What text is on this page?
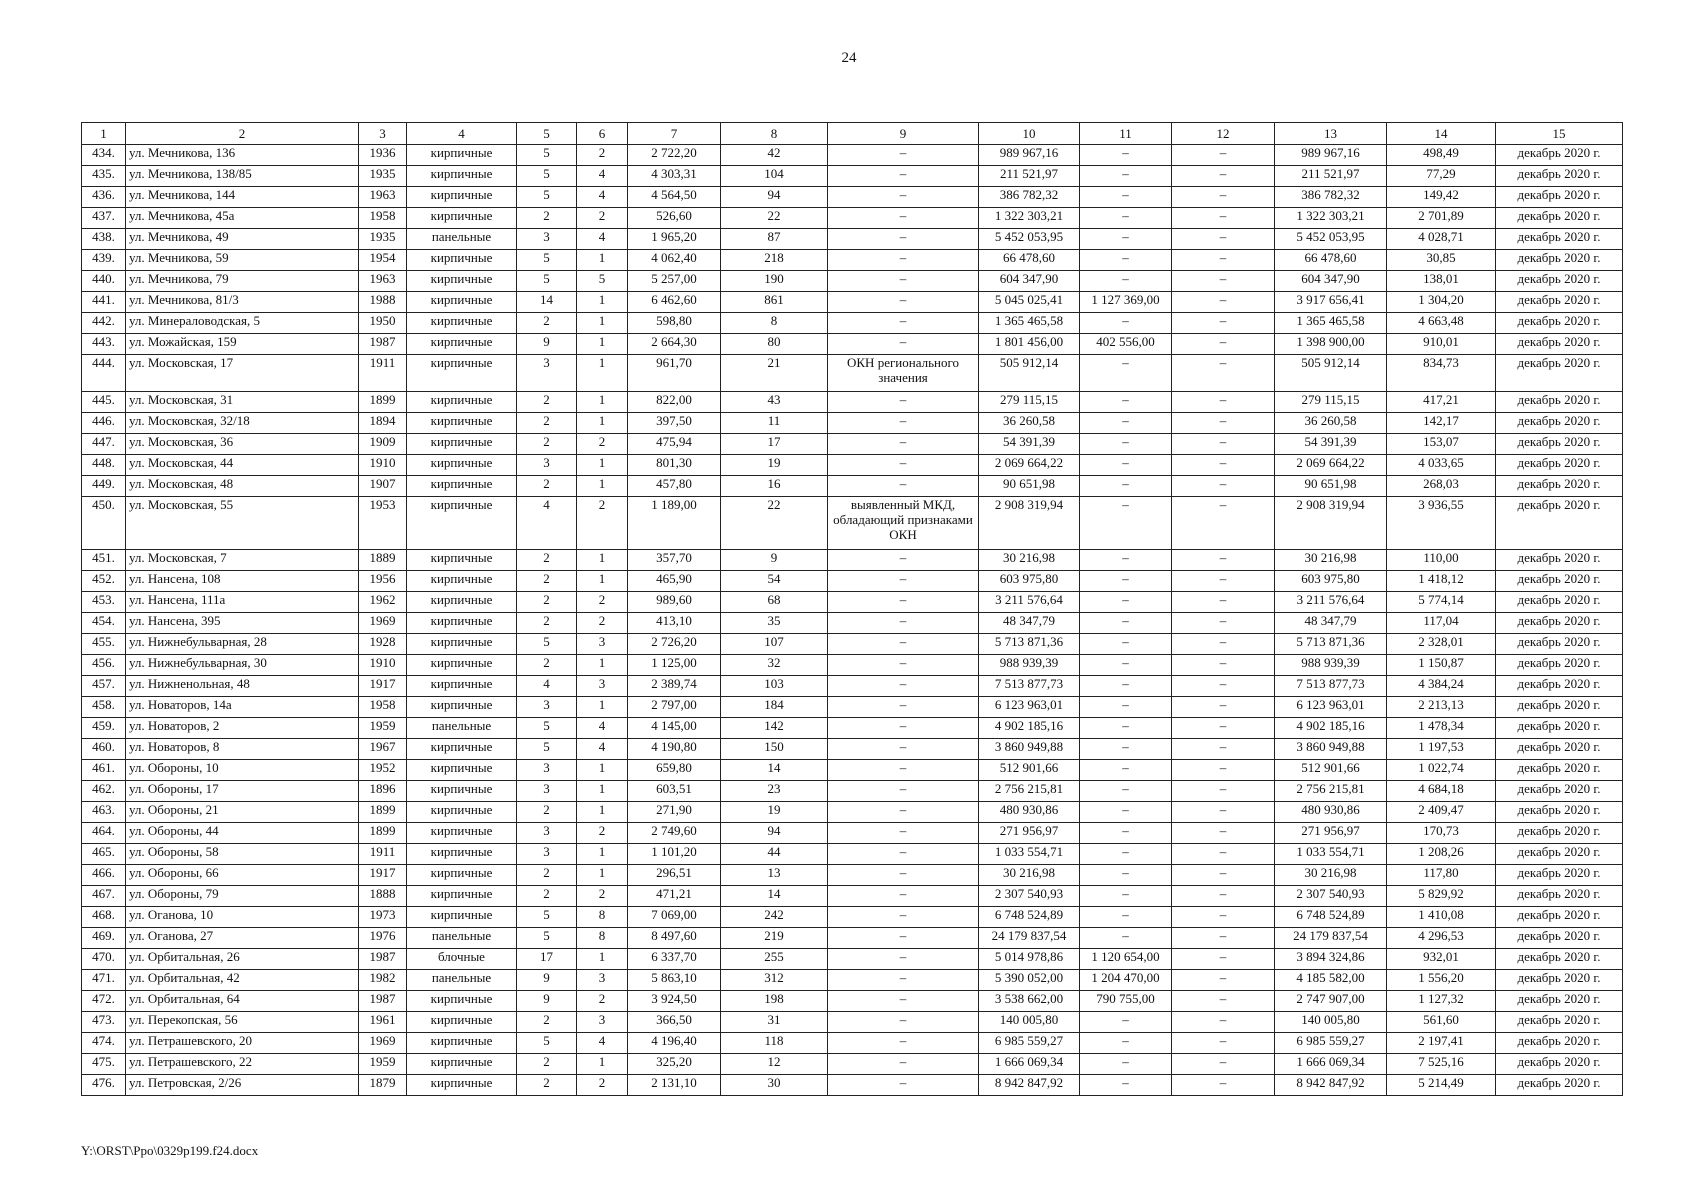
24
1	2	3	4	5	6	7	8	9	10	11	12	13	14	15
434.	ул. Мечникова, 136	1936	кирпичные	5	2	2 722,20	42	–	989 967,16	–	–	989 967,16	498,49	декабрь 2020 г.
435.	ул. Мечникова, 138/85	1935	кирпичные	5	4	4 303,31	104	–	211 521,97	–	–	211 521,97	77,29	декабрь 2020 г.
436.	ул. Мечникова, 144	1963	кирпичные	5	4	4 564,50	94	–	386 782,32	–	–	386 782,32	149,42	декабрь 2020 г.
437.	ул. Мечникова, 45а	1958	кирпичные	2	2	526,60	22	–	1 322 303,21	–	–	1 322 303,21	2 701,89	декабрь 2020 г.
438.	ул. Мечникова, 49	1935	панельные	3	4	1 965,20	87	–	5 452 053,95	–	–	5 452 053,95	4 028,71	декабрь 2020 г.
439.	ул. Мечникова, 59	1954	кирпичные	5	1	4 062,40	218	–	66 478,60	–	–	66 478,60	30,85	декабрь 2020 г.
440.	ул. Мечникова, 79	1963	кирпичные	5	5	5 257,00	190	–	604 347,90	–	–	604 347,90	138,01	декабрь 2020 г.
441.	ул. Мечникова, 81/3	1988	кирпичные	14	1	6 462,60	861	–	5 045 025,41	1 127 369,00	–	3 917 656,41	1 304,20	декабрь 2020 г.
442.	ул. Минераловодская, 5	1950	кирпичные	2	1	598,80	8	–	1 365 465,58	–	–	1 365 465,58	4 663,48	декабрь 2020 г.
443.	ул. Можайская, 159	1987	кирпичные	9	1	2 664,30	80	–	1 801 456,00	402 556,00	–	1 398 900,00	910,01	декабрь 2020 г.
444.	ул. Московская, 17	1911	кирпичные	3	1	961,70	21	ОКН регионального значения	505 912,14	–	–	505 912,14	834,73	декабрь 2020 г.
445.	ул. Московская, 31	1899	кирпичные	2	1	822,00	43	–	279 115,15	–	–	279 115,15	417,21	декабрь 2020 г.
446.	ул. Московская, 32/18	1894	кирпичные	2	1	397,50	11	–	36 260,58	–	–	36 260,58	142,17	декабрь 2020 г.
447.	ул. Московская, 36	1909	кирпичные	2	2	475,94	17	–	54 391,39	–	–	54 391,39	153,07	декабрь 2020 г.
448.	ул. Московская, 44	1910	кирпичные	3	1	801,30	19	–	2 069 664,22	–	–	2 069 664,22	4 033,65	декабрь 2020 г.
449.	ул. Московская, 48	1907	кирпичные	2	1	457,80	16	–	90 651,98	–	–	90 651,98	268,03	декабрь 2020 г.
450.	ул. Московская, 55	1953	кирпичные	4	2	1 189,00	22	выявленный МКД, обладающий признаками ОКН	2 908 319,94	–	–	2 908 319,94	3 936,55	декабрь 2020 г.
451.	ул. Московская, 7	1889	кирпичные	2	1	357,70	9	–	30 216,98	–	–	30 216,98	110,00	декабрь 2020 г.
452.	ул. Нансена, 108	1956	кирпичные	2	1	465,90	54	–	603 975,80	–	–	603 975,80	1 418,12	декабрь 2020 г.
453.	ул. Нансена, 111а	1962	кирпичные	2	2	989,60	68	–	3 211 576,64	–	–	3 211 576,64	5 774,14	декабрь 2020 г.
454.	ул. Нансена, 395	1969	кирпичные	2	2	413,10	35	–	48 347,79	–	–	48 347,79	117,04	декабрь 2020 г.
455.	ул. Нижнебульварная, 28	1928	кирпичные	5	3	2 726,20	107	–	5 713 871,36	–	–	5 713 871,36	2 328,01	декабрь 2020 г.
456.	ул. Нижнебульварная, 30	1910	кирпичные	2	1	1 125,00	32	–	988 939,39	–	–	988 939,39	1 150,87	декабрь 2020 г.
457.	ул. Нижненольная, 48	1917	кирпичные	4	3	2 389,74	103	–	7 513 877,73	–	–	7 513 877,73	4 384,24	декабрь 2020 г.
458.	ул. Новаторов, 14а	1958	кирпичные	3	1	2 797,00	184	–	6 123 963,01	–	–	6 123 963,01	2 213,13	декабрь 2020 г.
459.	ул. Новаторов, 2	1959	панельные	5	4	4 145,00	142	–	4 902 185,16	–	–	4 902 185,16	1 478,34	декабрь 2020 г.
460.	ул. Новаторов, 8	1967	кирпичные	5	4	4 190,80	150	–	3 860 949,88	–	–	3 860 949,88	1 197,53	декабрь 2020 г.
461.	ул. Обороны, 10	1952	кирпичные	3	1	659,80	14	–	512 901,66	–	–	512 901,66	1 022,74	декабрь 2020 г.
462.	ул. Обороны, 17	1896	кирпичные	3	1	603,51	23	–	2 756 215,81	–	–	2 756 215,81	4 684,18	декабрь 2020 г.
463.	ул. Обороны, 21	1899	кирпичные	2	1	271,90	19	–	480 930,86	–	–	480 930,86	2 409,47	декабрь 2020 г.
464.	ул. Обороны, 44	1899	кирпичные	3	2	2 749,60	94	–	271 956,97	–	–	271 956,97	170,73	декабрь 2020 г.
465.	ул. Обороны, 58	1911	кирпичные	3	1	1 101,20	44	–	1 033 554,71	–	–	1 033 554,71	1 208,26	декабрь 2020 г.
466.	ул. Обороны, 66	1917	кирпичные	2	1	296,51	13	–	30 216,98	–	–	30 216,98	117,80	декабрь 2020 г.
467.	ул. Обороны, 79	1888	кирпичные	2	2	471,21	14	–	2 307 540,93	–	–	2 307 540,93	5 829,92	декабрь 2020 г.
468.	ул. Оганова, 10	1973	кирпичные	5	8	7 069,00	242	–	6 748 524,89	–	–	6 748 524,89	1 410,08	декабрь 2020 г.
469.	ул. Оганова, 27	1976	панельные	5	8	8 497,60	219	–	24 179 837,54	–	–	24 179 837,54	4 296,53	декабрь 2020 г.
470.	ул. Орбитальная, 26	1987	блочные	17	1	6 337,70	255	–	5 014 978,86	1 120 654,00	–	3 894 324,86	932,01	декабрь 2020 г.
471.	ул. Орбитальная, 42	1982	панельные	9	3	5 863,10	312	–	5 390 052,00	1 204 470,00	–	4 185 582,00	1 556,20	декабрь 2020 г.
472.	ул. Орбитальная, 64	1987	кирпичные	9	2	3 924,50	198	–	3 538 662,00	790 755,00	–	2 747 907,00	1 127,32	декабрь 2020 г.
473.	ул. Перекопская, 56	1961	кирпичные	2	3	366,50	31	–	140 005,80	–	–	140 005,80	561,60	декабрь 2020 г.
474.	ул. Петрашевского, 20	1969	кирпичные	5	4	4 196,40	118	–	6 985 559,27	–	–	6 985 559,27	2 197,41	декабрь 2020 г.
475.	ул. Петрашевского, 22	1959	кирпичные	2	1	325,20	12	–	1 666 069,34	–	–	1 666 069,34	7 525,16	декабрь 2020 г.
476.	ул. Петровская, 2/26	1879	кирпичные	2	2	2 131,10	30	–	8 942 847,92	–	–	8 942 847,92	5 214,49	декабрь 2020 г.
Y:\ORST\Ppo\0329p199.f24.docx
